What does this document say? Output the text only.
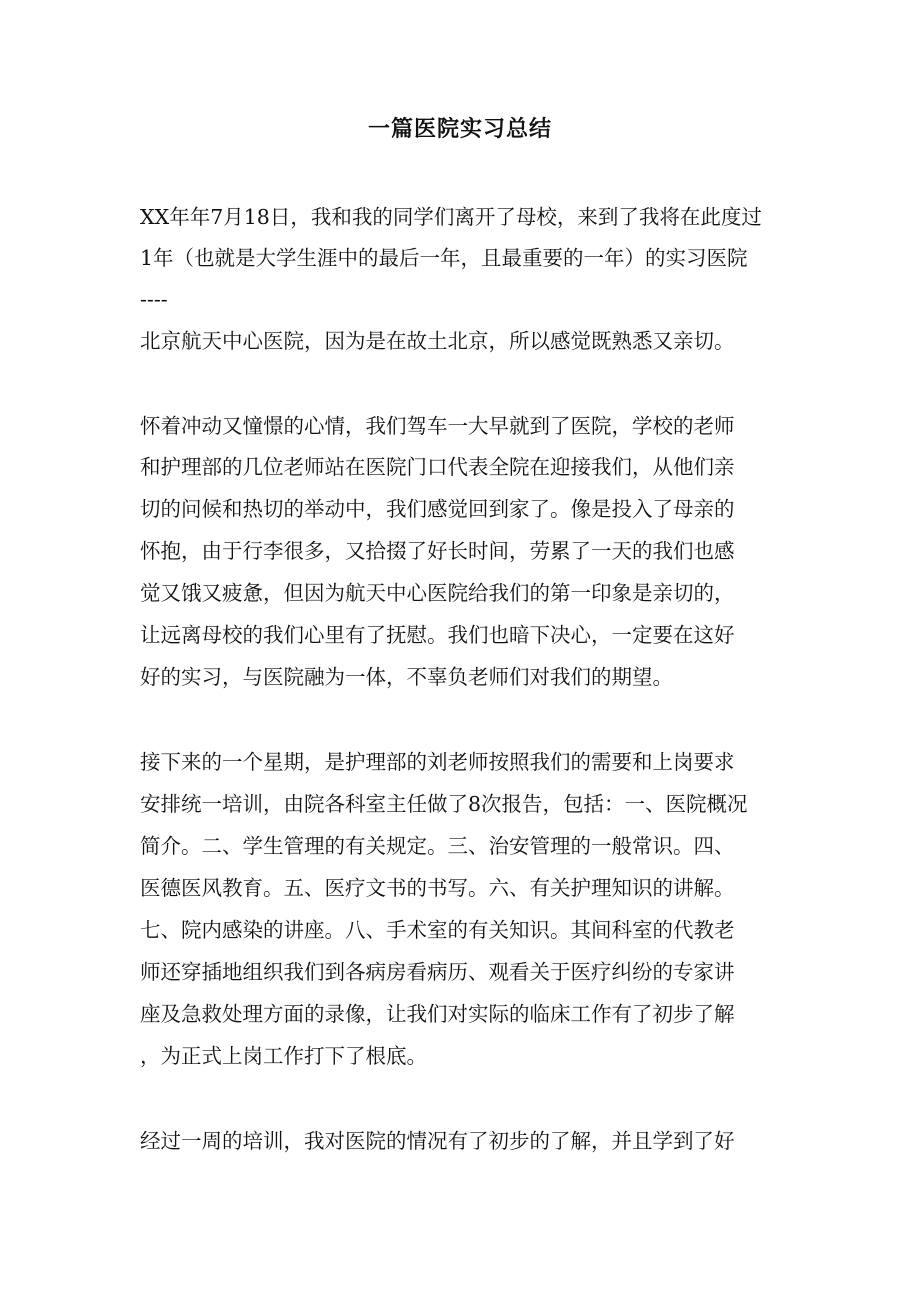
一篇医院实习总结

XX年年7月18日，我和我的同学们离开了母校，来到了我将在此度过

1年（也就是大学生涯中的最后一年，且最重要的一年）的实习医院

----

北京航天中心医院，因为是在故土北京，所以感觉既熟悉又亲切。

怀着冲动又憧憬的心情，我们驾车一大早就到了医院，学校的老师

和护理部的几位老师站在医院门口代表全院在迎接我们，从他们亲

切的问候和热切的举动中，我们感觉回到家了。像是投入了母亲的

怀抱，由于行李很多，又拾掇了好长时间，劳累了一天的我们也感

觉又饿又疲惫，但因为航天中心医院给我们的第一印象是亲切的，

让远离母校的我们心里有了抚慰。我们也暗下决心，一定要在这好

好的实习，与医院融为一体，不辜负老师们对我们的期望。

接下来的一个星期，是护理部的刘老师按照我们的需要和上岗要求

安排统一培训，由院各科室主任做了8次报告，包括：一、医院概况

简介。二、学生管理的有关规定。三、治安管理的一般常识。四、

医德医风教育。五、医疗文书的书写。六、有关护理知识的讲解。

七、院内感染的讲座。八、手术室的有关知识。其间科室的代教老

师还穿插地组织我们到各病房看病历、观看关于医疗纠纷的专家讲

座及急救处理方面的录像，让我们对实际的临床工作有了初步了解

，为正式上岗工作打下了根底。

经过一周的培训，我对医院的情况有了初步的了解，并且学到了好
